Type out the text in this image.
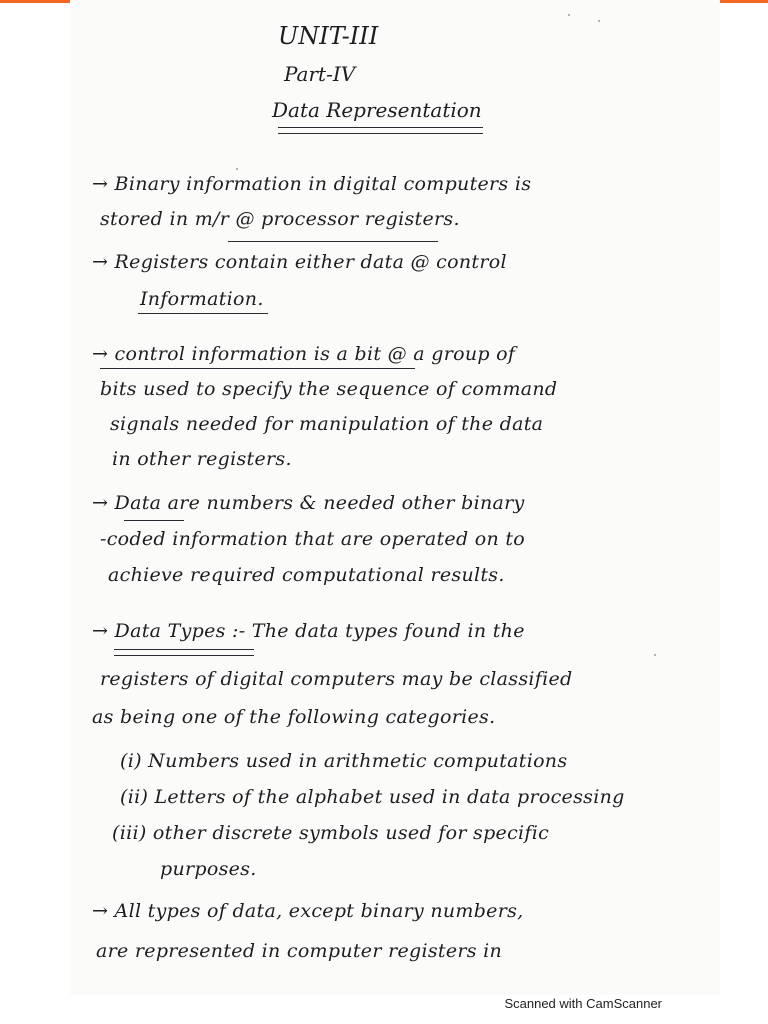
UNIT-III
Part-IV
Data Representation
→ Binary information in digital computers is
stored in m/r @ processor registers.
→ Registers contain either data @ control
Information.
→ control information is a bit @ a group of
bits used to specify the sequence of command
signals needed for manipulation of the data
in other registers.
→ Data are numbers & needed other binary
-coded information that are operated on to
achieve required computational results.
→ Data Types :- The data types found in the
registers of digital computers may be classified
as being one of the following categories.
(i) Numbers used in arithmetic computations
(ii) Letters of the alphabet used in data processing
(iii) other discrete symbols used for specific
purposes.
→ All types of data, except binary numbers,
are represented in computer registers in
Scanned with CamScanner
